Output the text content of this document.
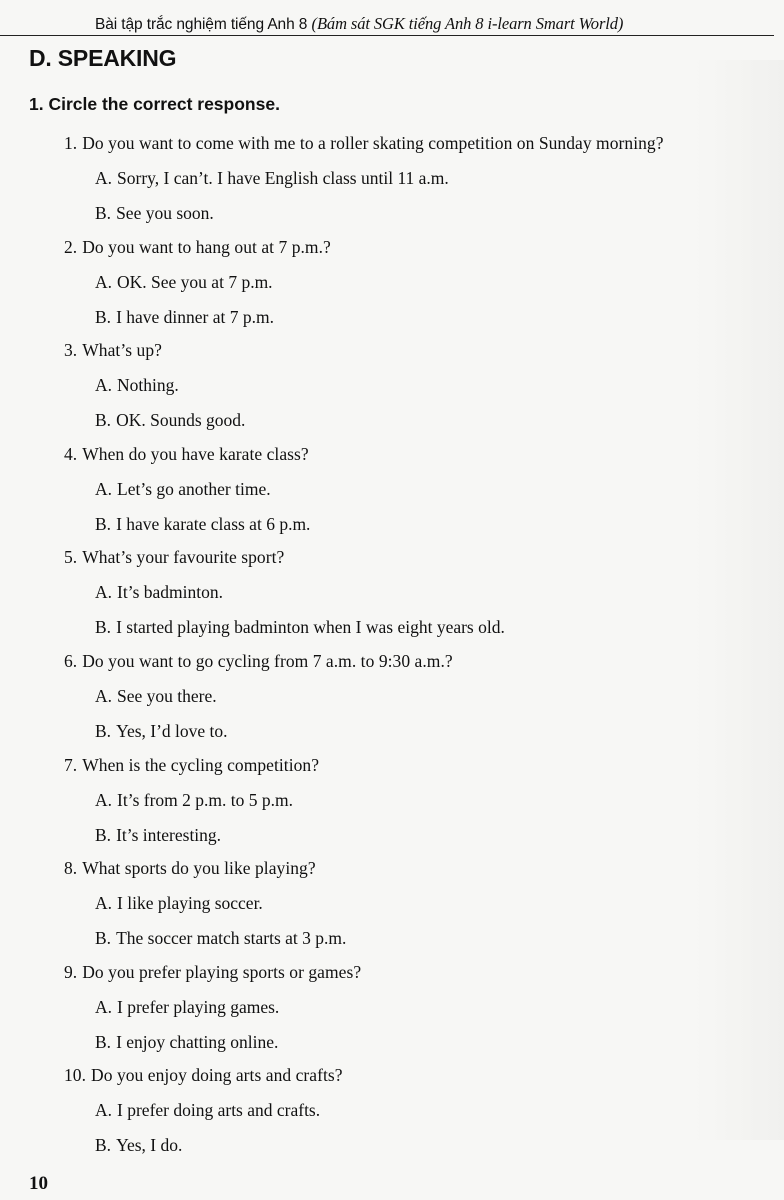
Bài tập trắc nghiệm tiếng Anh 8 (Bám sát SGK tiếng Anh 8 i-learn Smart World)
D. SPEAKING
1. Circle the correct response.
1. Do you want to come with me to a roller skating competition on Sunday morning?
A. Sorry, I can’t. I have English class until 11 a.m.
B. See you soon.
2. Do you want to hang out at 7 p.m.?
A. OK. See you at 7 p.m.
B. I have dinner at 7 p.m.
3. What’s up?
A. Nothing.
B. OK. Sounds good.
4. When do you have karate class?
A. Let’s go another time.
B. I have karate class at 6 p.m.
5. What’s your favourite sport?
A. It’s badminton.
B. I started playing badminton when I was eight years old.
6. Do you want to go cycling from 7 a.m. to 9:30 a.m.?
A. See you there.
B. Yes, I’d love to.
7. When is the cycling competition?
A. It’s from 2 p.m. to 5 p.m.
B. It’s interesting.
8. What sports do you like playing?
A. I like playing soccer.
B. The soccer match starts at 3 p.m.
9. Do you prefer playing sports or games?
A. I prefer playing games.
B. I enjoy chatting online.
10. Do you enjoy doing arts and crafts?
A. I prefer doing arts and crafts.
B. Yes, I do.
10
